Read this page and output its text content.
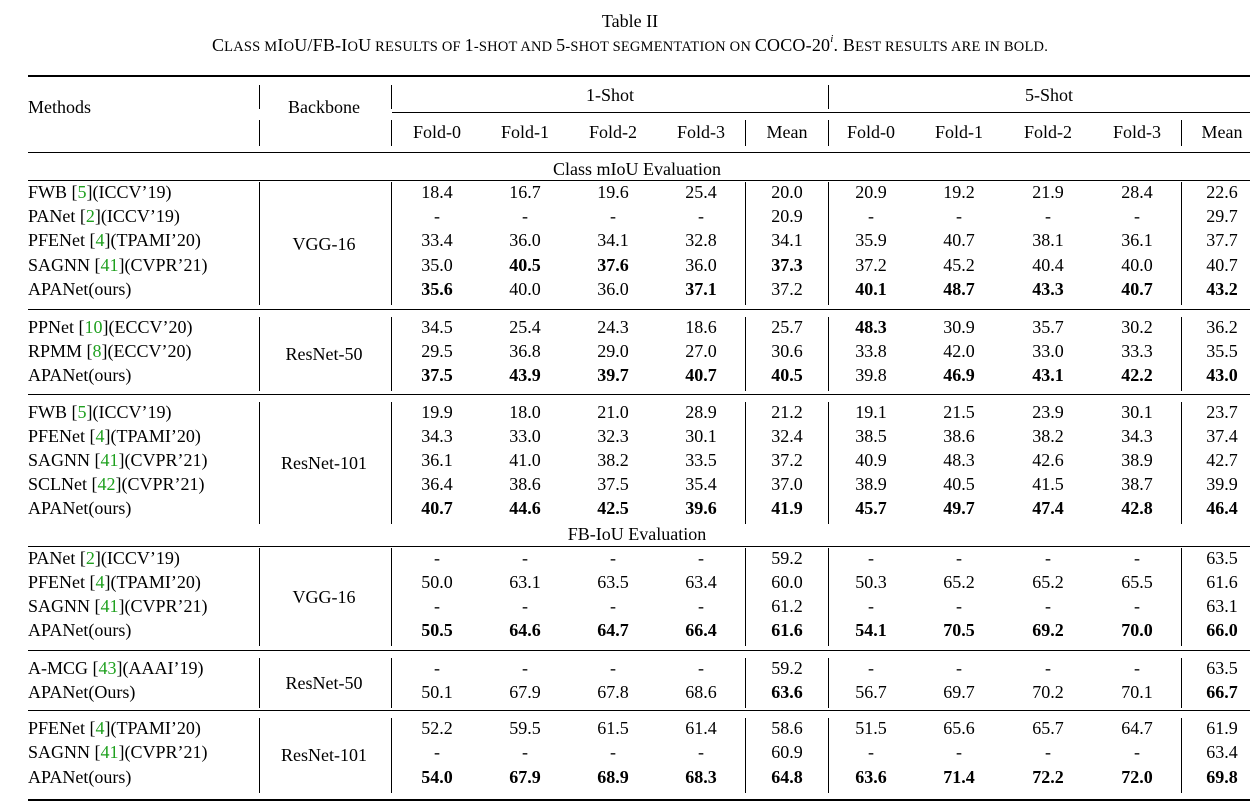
Table II
CLASS MIOU/FB-IOU RESULTS OF 1-SHOT AND 5-SHOT SEGMENTATION ON COCO-20$^i$. BEST RESULTS ARE IN BOLD.
Methods	Backbone
1-Shot	5-Shot
Fold-0 Fold-1 Fold-2 Fold-3 Mean Fold-0 Fold-1 Fold-2 Fold-3 Mean
Class mIoU Evaluation
FB-IoU Evaluation
VGG-16
FWB [5](ICCV’19)	18.4	16.7	19.6	25.4	20.0	20.9	19.2	21.9	28.4	22.6
PANet [2](ICCV’19)	-	-	-	-	20.9	-	-	-	-	29.7
PFENet [4](TPAMI’20)	33.4	36.0	34.1	32.8	34.1	35.9	40.7	38.1	36.1	37.7
SAGNN [41](CVPR’21)	35.0	40.5	37.6	36.0	37.3	37.2	45.2	40.4	40.0	40.7
APANet(ours)	35.6	40.0	36.0	37.1	37.2	40.1	48.7	43.3	40.7	43.2
ResNet-50
PPNet [10](ECCV’20)	34.5	25.4	24.3	18.6	25.7	48.3	30.9	35.7	30.2	36.2
RPMM [8](ECCV’20)	29.5	36.8	29.0	27.0	30.6	33.8	42.0	33.0	33.3	35.5
APANet(ours)	37.5	43.9	39.7	40.7	40.5	39.8	46.9	43.1	42.2	43.0
ResNet-101
FWB [5](ICCV’19)	19.9	18.0	21.0	28.9	21.2	19.1	21.5	23.9	30.1	23.7
PFENet [4](TPAMI’20)	34.3	33.0	32.3	30.1	32.4	38.5	38.6	38.2	34.3	37.4
SAGNN [41](CVPR’21)	36.1	41.0	38.2	33.5	37.2	40.9	48.3	42.6	38.9	42.7
SCLNet [42](CVPR’21)	36.4	38.6	37.5	35.4	37.0	38.9	40.5	41.5	38.7	39.9
APANet(ours)	40.7	44.6	42.5	39.6	41.9	45.7	49.7	47.4	42.8	46.4
VGG-16
PANet [2](ICCV’19)	-	-	-	-	59.2	-	-	-	-	63.5
PFENet [4](TPAMI’20)	50.0	63.1	63.5	63.4	60.0	50.3	65.2	65.2	65.5	61.6
SAGNN [41](CVPR’21)	-	-	-	-	61.2	-	-	-	-	63.1
APANet(ours)	50.5	64.6	64.7	66.4	61.6	54.1	70.5	69.2	70.0	66.0
ResNet-50
A-MCG [43](AAAI’19)	-	-	-	-	59.2	-	-	-	-	63.5
APANet(Ours)	50.1	67.9	67.8	68.6	63.6	56.7	69.7	70.2	70.1	66.7
ResNet-101
PFENet [4](TPAMI’20)	52.2	59.5	61.5	61.4	58.6	51.5	65.6	65.7	64.7	61.9
SAGNN [41](CVPR’21)	-	-	-	-	60.9	-	-	-	-	63.4
APANet(ours)	54.0	67.9	68.9	68.3	64.8	63.6	71.4	72.2	72.0	69.8
